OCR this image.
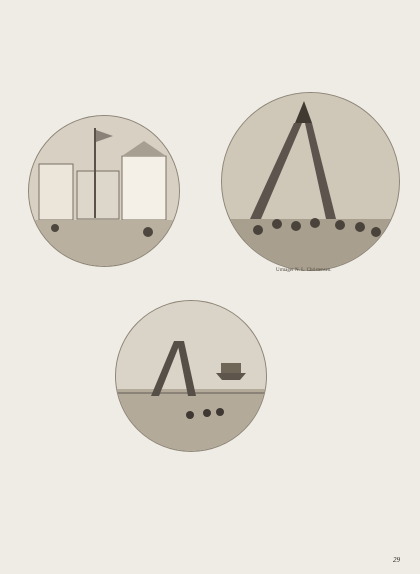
Urmager N. L. Christensen.
29
